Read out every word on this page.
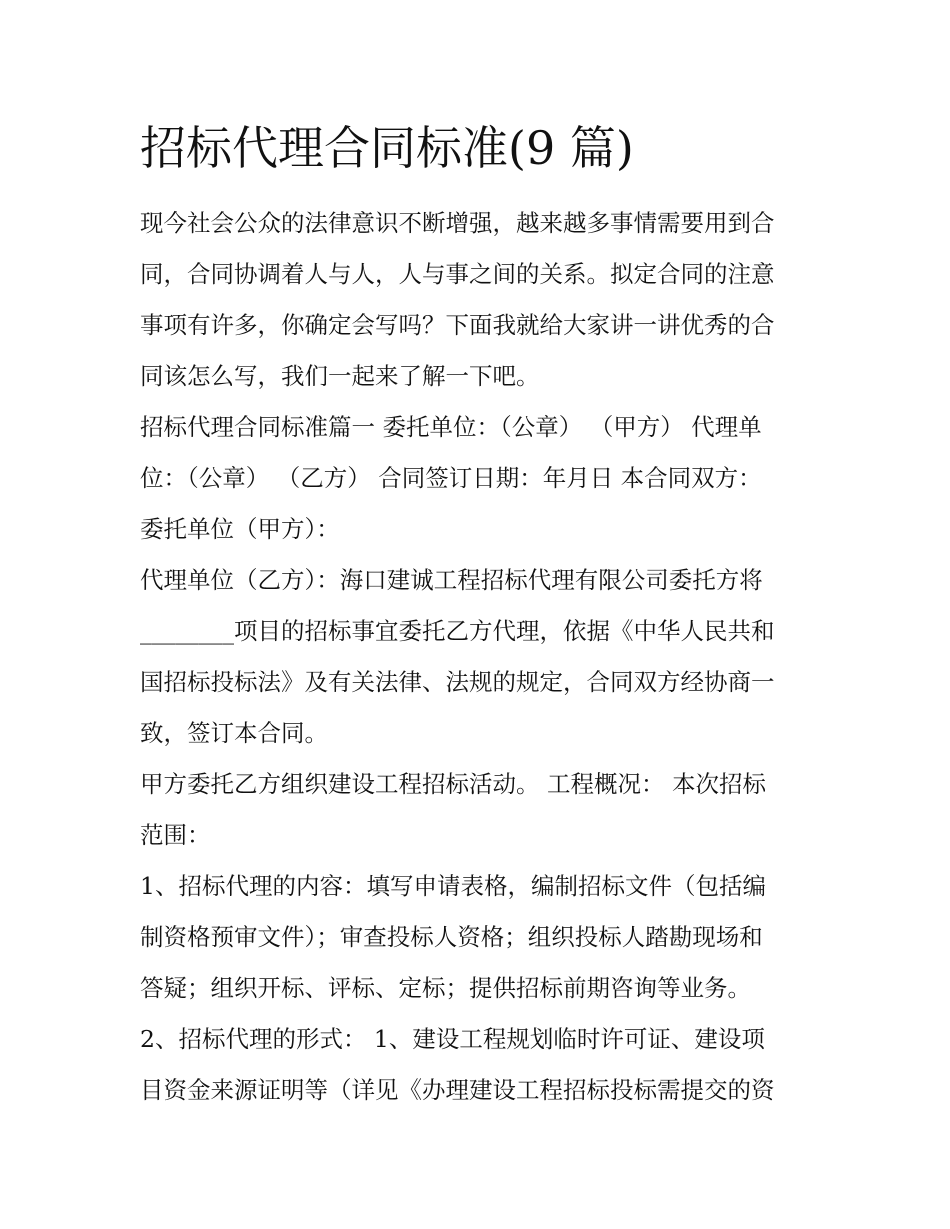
招标代理合同标准(9 篇)
现今社会公众的法律意识不断增强，越来越多事情需要用到合
同，合同协调着人与人，人与事之间的关系。拟定合同的注意
事项有许多，你确定会写吗？下面我就给大家讲一讲优秀的合
同该怎么写，我们一起来了解一下吧。
招标代理合同标准篇一 委托单位：（公章） （甲方） 代理单
位：（公章） （乙方） 合同签订日期：年月日 本合同双方：
委托单位（甲方）：
代理单位（乙方）：海口建诚工程招标代理有限公司委托方将
________项目的招标事宜委托乙方代理，依据《中华人民共和
国招标投标法》及有关法律、法规的规定，合同双方经协商一
致，签订本合同。
甲方委托乙方组织建设工程招标活动。 工程概况： 本次招标
范围：
1、招标代理的内容：填写申请表格，编制招标文件（包括编
制资格预审文件）；审查投标人资格；组织投标人踏勘现场和
答疑；组织开标、评标、定标；提供招标前期咨询等业务。
2、招标代理的形式： 1、建设工程规划临时许可证、建设项
目资金来源证明等（详见《办理建设工程招标投标需提交的资
